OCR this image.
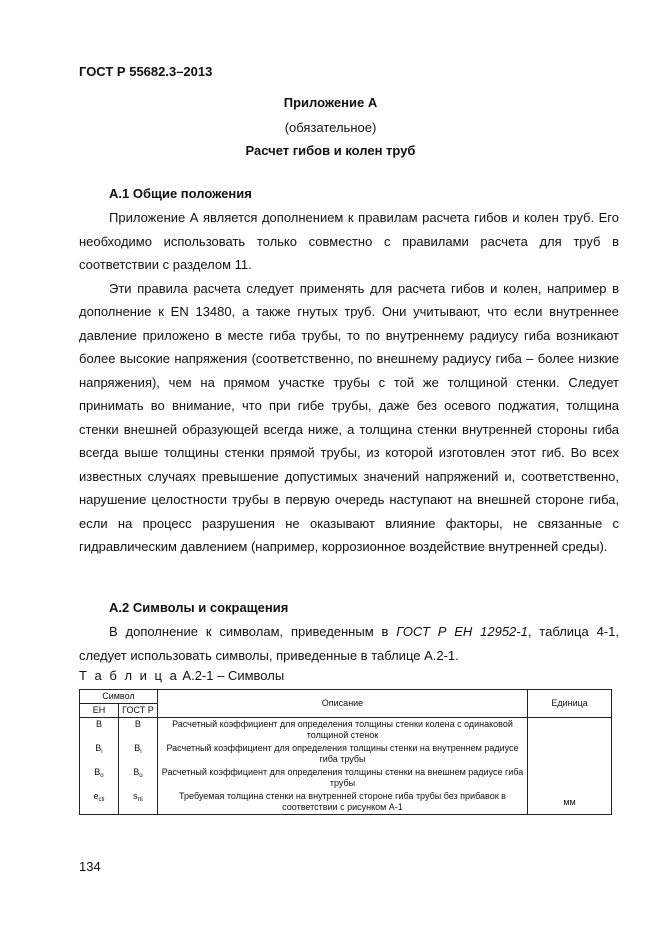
ГОСТ Р 55682.3–2013
Приложение А
(обязательное)
Расчет гибов и колен труб
А.1 Общие положения

Приложение А является дополнением к правилам расчета гибов и колен труб. Его необходимо использовать только совместно с правилами расчета для труб в соответствии с разделом 11.

Эти правила расчета следует применять для расчета гибов и колен, например в дополнение к EN 13480, а также гнутых труб. Они учитывают, что если внутреннее давление приложено в месте гиба трубы, то по внутреннему радиусу гиба возникают более высокие напряжения (соответственно, по внешнему радиусу гиба – более низкие напряжения), чем на прямом участке трубы с той же толщиной стенки. Следует принимать во внимание, что при гибе трубы, даже без осевого поджатия, толщина стенки внешней образующей всегда ниже, а толщина стенки внутренней стороны гиба всегда выше толщины стенки прямой трубы, из которой изготовлен этот гиб. Во всех известных случаях превышение допустимых значений напряжений и, соответственно, нарушение целостности трубы в первую очередь наступают на внешней стороне гиба, если на процесс разрушения не оказывают влияние факторы, не связанные с гидравлическим давлением (например, коррозионное воздействие внутренней среды).

А.2 Символы и сокращения

В дополнение к символам, приведенным в ГОСТ Р ЕН 12952-1, таблица 4-1, следует использовать символы, приведенные в таблице А.2-1.

Т а б л и ц а А.2-1 – Символы
Символ		Описание	Единица
ЕН	ГОСТ Р		
B	B	Расчетный коэффициент для определения толщины стенки колена с одинаковой толщиной стенок	
$B_i$	$B_i$	Расчетный коэффициент для определения толщины стенки на внутреннем радиусе гиба трубы	
$B_o$	$B_o$	Расчетный коэффициент для определения толщины стенки на внешнем радиусе гиба трубы	
$e_{cti}$	$s_{rti}$	Требуемая толщина стенки на внутренней стороне гиба трубы без прибавок в соответствии с рисунком А-1	мм
134
